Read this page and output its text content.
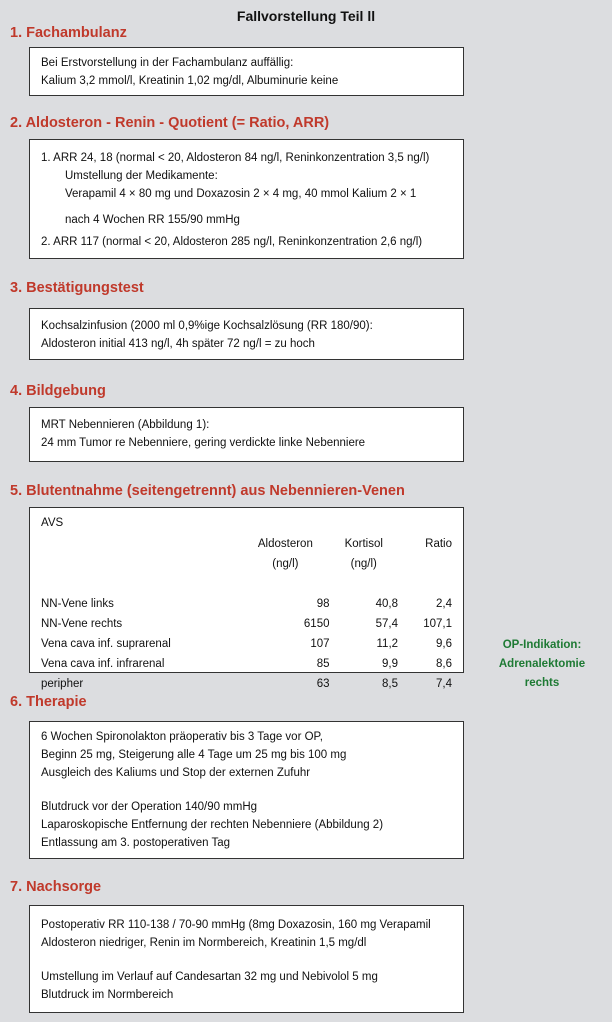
Fallvorstellung Teil ll
1. Fachambulanz
Bei Erstvorstellung in der Fachambulanz auffällig:
Kalium 3,2 mmol/l, Kreatinin 1,02 mg/dl, Albuminurie keine
2. Aldosteron - Renin - Quotient (= Ratio, ARR)
1. ARR 24, 18 (normal < 20, Aldosteron 84 ng/l, Reninkonzentration 3,5 ng/l)
Umstellung der Medikamente:
Verapamil 4 × 80 mg und Doxazosin 2 × 4 mg, 40 mmol Kalium 2 × 1
nach 4 Wochen RR 155/90 mmHg
2. ARR 117 (normal < 20, Aldosteron 285 ng/l, Reninkonzentration 2,6 ng/l)
3. Bestätigungstest
Kochsalzinfusion (2000 ml 0,9%ige Kochsalzlösung (RR 180/90):
Aldosteron initial 413 ng/l, 4h später 72 ng/l = zu hoch
4. Bildgebung
MRT Nebennieren (Abbildung 1):
24 mm Tumor re Nebenniere, gering verdickte linke Nebenniere
5. Blutentnahme (seitengetrennt) aus Nebennieren-Venen
AVS
	Aldosteron	Kortisol	Ratio
	(ng/l)	(ng/l)	

NN-Vene links	98	40,8	2,4
NN-Vene rechts	6150	57,4	107,1
Vena cava inf. suprarenal	107	11,2	9,6
Vena cava inf. infrarenal	85	9,9	8,6
peripher	63	8,5	7,4
OP-Indikation:
Adrenalektomie
rechts
6. Therapie
6 Wochen Spironolakton präoperativ bis 3 Tage vor OP,
Beginn 25 mg, Steigerung alle 4 Tage um 25 mg bis 100 mg
Ausgleich des Kaliums und Stop der externen Zufuhr
Blutdruck vor der Operation 140/90 mmHg
Laparoskopische Entfernung der rechten Nebenniere (Abbildung 2)
Entlassung am 3. postoperativen Tag
7. Nachsorge
Postoperativ RR 110-138 / 70-90 mmHg (8mg Doxazosin, 160 mg Verapamil
Aldosteron niedriger, Renin im Normbereich, Kreatinin 1,5 mg/dl
Umstellung im Verlauf auf Candesartan 32 mg und Nebivolol 5 mg
Blutdruck im Normbereich
